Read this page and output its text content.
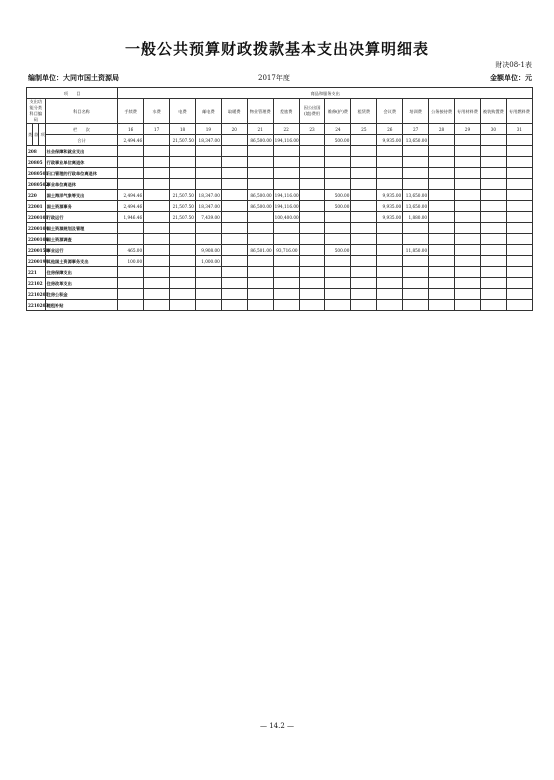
一般公共预算财政拨款基本支出决算明细表
财决08-1表
编制单位：大同市国土资源局	2017年度	金额单位：元
项　　目				商品和服务支出															
支出功能分类科目编码			科目名称	手续费	水费	电费	邮电费	取暖费	物业管理费	差旅费	因公出国(境)费用	维修(护)费	租赁费	会议费	培训费	公务接待费	专用材料费	被装购置费	专用燃料费
类	款	项	栏　　次	16	17	18	19	20	21	22	23	24	25	26	27	28	29	30	31
			合计	2,494.46		21,507.50	18,347.00		86,500.00	194,116.00		500.00		9,935.00	13,650.00				
208			社会保障和就业支出																
20805			行政事业单位离退休																
2080501			归口管理的行政单位离退休																
2080502			事业单位离退休																
220			国土海洋气象等支出	2,494.46		21,507.50	18,347.00		86,500.00	194,116.00		500.00		9,935.00	13,650.00				
22001			国土资源事务	2,494.46		21,507.50	18,347.00		86,500.00	194,116.00		500.00		9,935.00	13,650.00				
2200101			行政运行	1,946.46		21,507.50	7,439.00			100,400.00				9,935.00	1,880.00				
2200104			国土资源规划及管理																
2200106			国土资源调查																
2200150			事业运行	465.00			9,908.00		86,501.00	93,716.00		500.00			11,850.00				
2200199			其他国土资源事务支出	100.00			1,000.00												
221			住房保障支出																
22102			住房改革支出																
2210201			住房公积金																
2210203			提租补贴																
— 14.2 —
